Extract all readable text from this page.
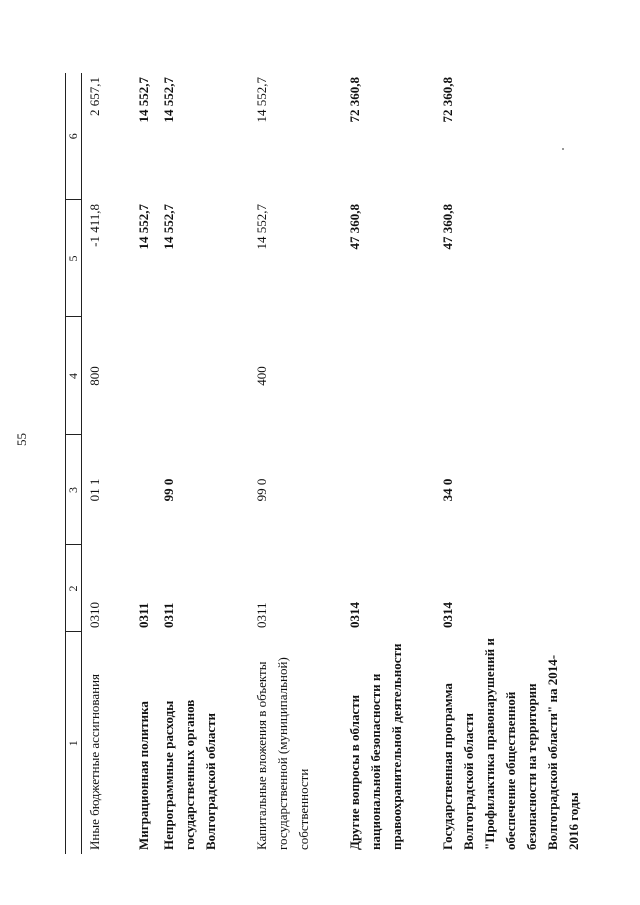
55
1	2	3	4	5	6
Иные бюджетные ассигнования	0310	01 1	800	-1 411,8	2 657,1

Миграционная политика	0311			14 552,7	14 552,7
Непрограммные расходы государственных органов Волгоградской области	0311	99 0		14 552,7	14 552,7

Капитальные вложения в объекты государственной (муниципальной) собственности	0311	99 0	400	14 552,7	14 552,7

Другие вопросы в области национальной безопасности и правоохранительной деятельности	0314			47 360,8	72 360,8

Государственная программа Волгоградской области "Профилактика правонарушений и обеспечение общественной безопасности на территории Волгоградской области" на 2014-2016 годы	0314	34 0		47 360,8	72 360,8
